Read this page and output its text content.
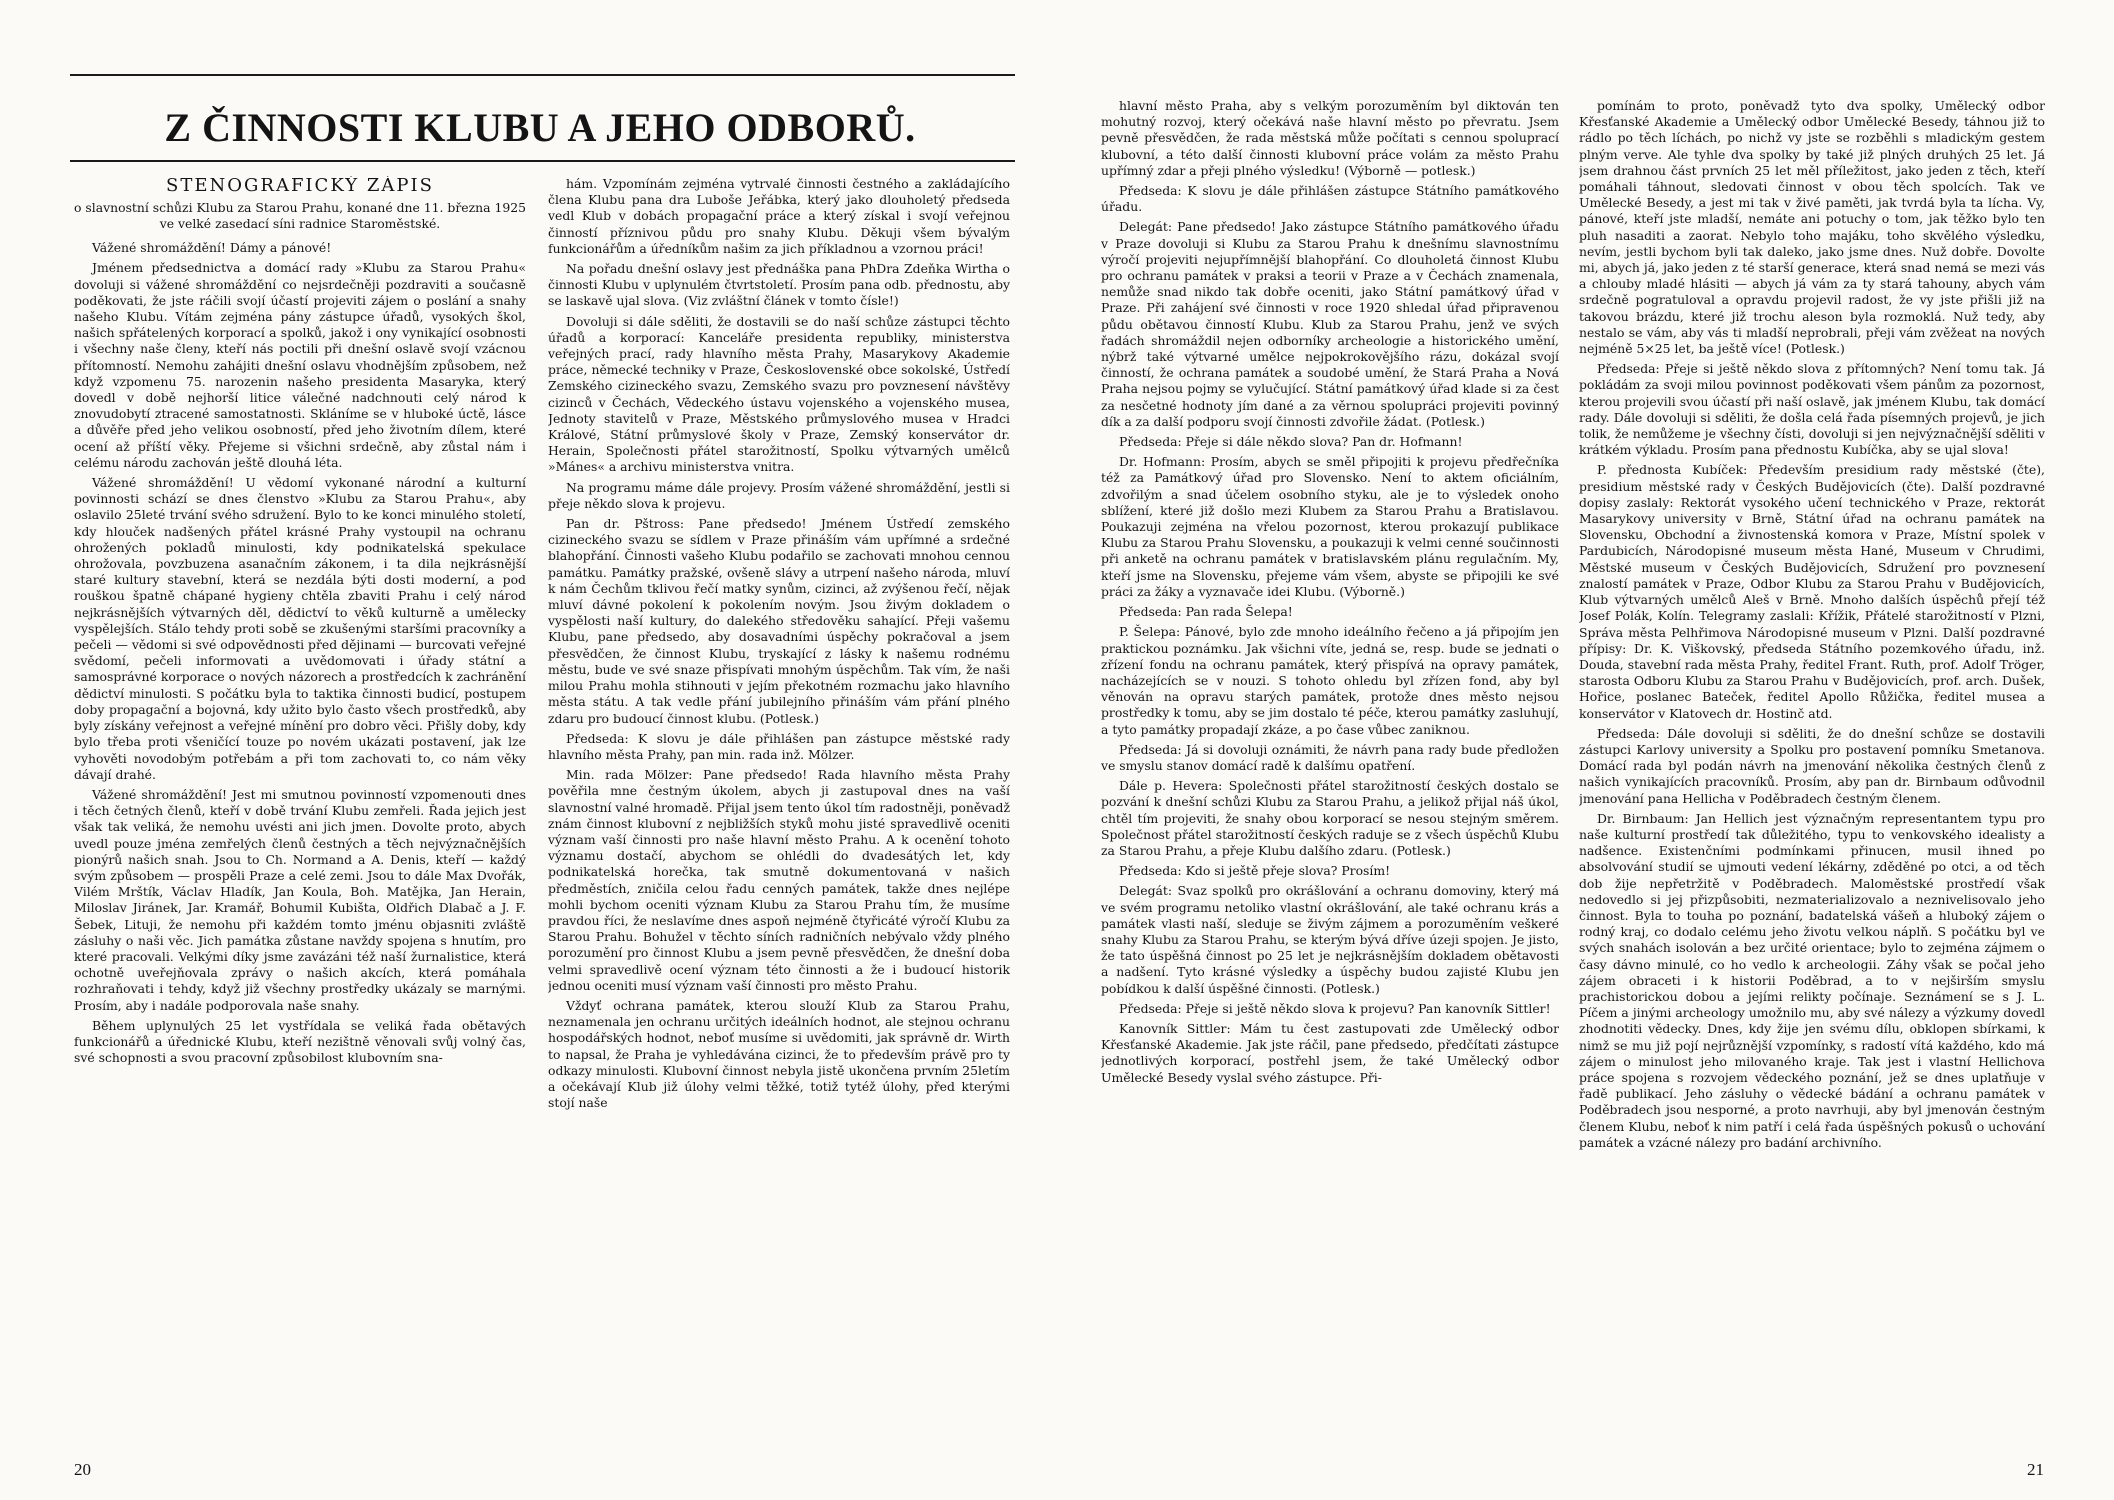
Z ČINNOSTI KLUBU A JEHO ODBORŮ.
STENOGRAFICKÝ ZÁPIS
o slavnostní schůzi Klubu za Starou Prahu, konané dne 11. března 1925 ve velké zasedací síni radnice Staroměstské.

Vážené shromáždění! Dámy a pánové!

Jménem předsednictva a domácí rady »Klubu za Starou Prahu« dovoluji si vážené shromáždění co nejsrdečněji pozdraviti a současně poděkovati, že jste ráčili svojí účastí projeviti zájem o poslání a snahy našeho Klubu. Vítám zejména pány zástupce úřadů, vysokých škol, našich spřátelených korporací a spolků, jakož i ony vynikající osobnosti i všechny naše členy, kteří nás poctili při dnešní oslavě svojí vzácnou přítomností. Nemohu zahájiti dnešní oslavu vhodnějším způsobem, než když vzpomenu 75. narozenin našeho presidenta Masaryka, který dovedl v době nejhorší litice válečné nadchnouti celý národ k znovudobytí ztracené samostatnosti. Skláníme se v hluboké úctě, lásce a důvěře před jeho velikou osobností, před jeho životním dílem, které ocení až příští věky. Přejeme si všichni srdečně, aby zůstal nám i celému národu zachován ještě dlouhá léta.

Vážené shromáždění! U vědomí vykonané národní a kulturní povinnosti schází se dnes členstvo »Klubu za Starou Prahu«, aby oslavilo 25leté trvání svého sdružení. Bylo to ke konci minulého století, kdy hlouček nadšených přátel krásné Prahy vystoupil na ochranu ohrožených pokladů minulosti, kdy podnikatelská spekulace ohrožovala, povzbuzena asanačním zákonem, i ta dila nejkrásnější staré kultury stavební, která se nezdála býti dosti moderní, a pod rouškou špatně chápané hygieny chtěla zbaviti Prahu i celý národ nejkrásnějších výtvarných děl, dědictví to věků kulturně a umělecky vyspělejších. Stálo tehdy proti sobě se zkušenými staršími pracovníky a pečeli — vědomi si své odpovědnosti před dějinami — burcovati veřejné svědomí, pečeli informovati a uvědomovati i úřady státní a samosprávné korporace o nových názorech a prostředcích k zachránění dědictví minulosti. S počátku byla to taktika činnosti budicí, postupem doby propagační a bojovná, kdy užito bylo často všech prostředků, aby byly získány veřejnost a veřejné mínění pro dobro věci. Přišly doby, kdy bylo třeba proti všeničící touze po novém ukázati postavení, jak lze vyhověti novodobým potřebám a při tom zachovati to, co nám věky dávají drahé.

Vážené shromáždění! Jest mi smutnou povinností vzpomenouti dnes i těch četných členů, kteří v době trvání Klubu zemřeli. Řada jejich jest však tak veliká, že nemohu uvésti ani jich jmen. Dovolte proto, abych uvedl pouze jména zemřelých členů čestných a těch nejvýznačnějších pionýrů našich snah. Jsou to Ch. Normand a A. Denis, kteří — každý svým způsobem — prospěli Praze a celé zemi. Jsou to dále Max Dvořák, Vilém Mrštík, Václav Hladík, Jan Koula, Boh. Matějka, Jan Herain, Miloslav Jiránek, Jar. Kramář, Bohumil Kubišta, Oldřich Dlabač a J. F. Šebek, Lituji, že nemohu při každém tomto jménu objasniti zvláště zásluhy o naši věc. Jich památka zůstane navždy spojena s hnutím, pro které pracovali. Velkými díky jsme zavázáni též naší žurnalistice, která ochotně uveřejňovala zprávy o našich akcích, která pomáhala rozhraňovati i tehdy, když již všechny prostředky ukázaly se marnými. Prosím, aby i nadále podporovala naše snahy.

Během uplynulých 25 let vystřídala se veliká řada obětavých funkcionářů a úřednické Klubu, kteří nezištně věnovali svůj volný čas, své schopnosti a svou pracovní způsobilost klubovním sna-

hám. Vzpomínám zejména vytrvalé činnosti čestného a zakládajícího člena Klubu pana dra Luboše Jeřábka, který jako dlouholetý předseda vedl Klub v dobách propagační práce a který získal i svojí veřejnou činností příznivou půdu pro snahy Klubu. Děkuji všem bývalým funkcionářům a úředníkům našim za jich příkladnou a vzornou práci!

Na pořadu dnešní oslavy jest přednáška pana PhDra Zdeňka Wirtha o činnosti Klubu v uplynulém čtvrtstoletí. Prosím pana odb. přednostu, aby se laskavě ujal slova. (Viz zvláštní článek v tomto čísle!)

Dovoluji si dále sděliti, že dostavili se do naší schůze zástupci těchto úřadů a korporací: Kanceláře presidenta republiky, ministerstva veřejných prací, rady hlavního města Prahy, Masarykovy Akademie práce, německé techniky v Praze, Československé obce sokolské, Ústředí Zemského cizineckého svazu, Zemského svazu pro povznesení návštěvy cizinců v Čechách, Vědeckého ústavu vojenského a vojenského musea, Jednoty stavitelů v Praze, Městského průmyslového musea v Hradci Králové, Státní průmyslové školy v Praze, Zemský konservátor dr. Herain, Společnosti přátel starožitností, Spolku výtvarných umělců »Mánes« a archivu ministerstva vnitra.

Na programu máme dále projevy. Prosím vážené shromáždění, jestli si přeje někdo slova k projevu.

Pan dr. Pštross: Pane předsedo! Jménem Ústředí zemského cizineckého svazu se sídlem v Praze přináším vám upřímné a srdečné blahopřání. Činnosti vašeho Klubu podařilo se zachovati mnohou cennou památku. Památky pražské, ovšeně slávy a utrpení našeho národa, mluví k nám Čechům tklivou řečí matky synům, cizinci, až zvýšenou řečí, nějak mluví dávné pokolení k pokolením novým. Jsou živým dokladem o vyspělosti naší kultury, do dalekého středověku sahající. Přeji vašemu Klubu, pane předsedo, aby dosavadními úspěchy pokračoval a jsem přesvědčen, že činnost Klubu, tryskající z lásky k našemu rodnému městu, bude ve své snaze přispívati mnohým úspěchům. Tak vím, že naši milou Prahu mohla stihnouti v jejím překotném rozmachu jako hlavního města státu. A tak vedle přání jubilejního přináším vám přání plného zdaru pro budoucí činnost klubu. (Potlesk.)

Předseda: K slovu je dále přihlášen pan zástupce městské rady hlavního města Prahy, pan min. rada inž. Mölzer.

Min. rada Mölzer: Pane předsedo! Rada hlavního města Prahy pověřila mne čestným úkolem, abych ji zastupoval dnes na vaší slavnostní valné hromadě. Přijal jsem tento úkol tím radostněji, poněvadž znám činnost klubovní z nejbližších styků mohu jisté spravedlivě oceniti význam vaší činnosti pro naše hlavní město Prahu. A k ocenění tohoto významu dostačí, abychom se ohlédli do dvadesátých let, kdy podnikatelská horečka, tak smutně dokumentovaná v našich předměstích, zničila celou řadu cenných památek, takže dnes nejlépe mohli bychom oceniti význam Klubu za Starou Prahu tím, že musíme pravdou říci, že neslavíme dnes aspoň nejméně čtyřicáté výročí Klubu za Starou Prahu. Bohužel v těchto síních radničních nebývalo vždy plného porozumění pro činnost Klubu a jsem pevně přesvědčen, že dnešní doba velmi spravedlivě ocení význam této činnosti a že i budoucí historik jednou oceniti musí význam vaší činnosti pro město Prahu.

Vždyť ochrana památek, kterou slouží Klub za Starou Prahu, neznamenala jen ochranu určitých ideálních hodnot, ale stejnou ochranu hospodářských hodnot, neboť musíme si uvědomiti, jak správně dr. Wirth to napsal, že Praha je vyhledávána cizinci, že to především právě pro ty odkazy minulosti. Klubovní činnost nebyla jistě ukončena prvním 25letím a očekávají Klub již úlohy velmi těžké, totiž tytéž úlohy, před kterými stojí naše

20

hlavní město Praha, aby s velkým porozuměním byl diktován ten mohutný rozvoj, který očekává naše hlavní město po převratu. Jsem pevně přesvědčen, že rada městská může počítati s cennou spoluprací klubovní, a této další činnosti klubovní práce volám za město Prahu upřímný zdar a přeji plného výsledku! (Výborně — potlesk.)

Předseda: K slovu je dále přihlášen zástupce Státního památkového úřadu.

Delegát: Pane předsedo! Jako zástupce Státního památkového úřadu v Praze dovoluji si Klubu za Starou Prahu k dnešnímu slavnostnímu výročí projeviti nejupřímnější blahopřání. Co dlouholetá činnost Klubu pro ochranu památek v praksi a teorii v Praze a v Čechách znamenala, nemůže snad nikdo tak dobře oceniti, jako Státní památkový úřad v Praze. Při zahájení své činnosti v roce 1920 shledal úřad připravenou půdu obětavou činností Klubu. Klub za Starou Prahu, jenž ve svých řadách shromáždil nejen odborníky archeologie a historického umění, nýbrž také výtvarné umělce nejpokrokovějšího rázu, dokázal svojí činností, že ochrana památek a soudobé umění, že Stará Praha a Nová Praha nejsou pojmy se vylučující. Státní památkový úřad klade si za čest za nesčetné hodnoty jím dané a za věrnou spolupráci projeviti povinný dík a za další podporu svojí činnosti zdvořile žádat. (Potlesk.)

Předseda: Přeje si dále někdo slova? Pan dr. Hofmann!

Dr. Hofmann: Prosím, abych se směl připojiti k projevu předřečníka též za Památkový úřad pro Slovensko. Není to aktem oficiálním, zdvořilým a snad účelem osobního styku, ale je to výsledek onoho sblížení, které již došlo mezi Klubem za Starou Prahu a Bratislavou. Poukazuji zejména na vřelou pozornost, kterou prokazují publikace Klubu za Starou Prahu Slovensku, a poukazuji k velmi cenné součinnosti při anketě na ochranu památek v bratislavském plánu regulačním. My, kteří jsme na Slovensku, přejeme vám všem, abyste se připojili ke své práci za žáky a vyznavače idei Klubu. (Výborně.)

Předseda: Pan rada Šelepa!

P. Šelepa: Pánové, bylo zde mnoho ideálního řečeno a já připojím jen praktickou poznámku. Jak všichni víte, jedná se, resp. bude se jednati o zřízení fondu na ochranu památek, který přispívá na opravy památek, nacházejících se v nouzi. S tohoto ohledu byl zřízen fond, aby byl věnován na opravu starých památek, protože dnes město nejsou prostředky k tomu, aby se jim dostalo té péče, kterou památky zasluhují, a tyto památky propadají zkáze, a po čase vůbec zaniknou.

Předseda: Já si dovoluji oznámiti, že návrh pana rady bude předložen ve smyslu stanov domácí radě k dalšímu opatření.

Dále p. Hevera: Společnosti přátel starožitností českých dostalo se pozvání k dnešní schůzi Klubu za Starou Prahu, a jelikož přijal náš úkol, chtěl tím projeviti, že snahy obou korporací se nesou stejným směrem. Společnost přátel starožitností českých raduje se z všech úspěchů Klubu za Starou Prahu, a přeje Klubu dalšího zdaru. (Potlesk.)

Předseda: Kdo si ještě přeje slova? Prosím!

Delegát: Svaz spolků pro okrášlování a ochranu domoviny, který má ve svém programu netoliko vlastní okrášlování, ale také ochranu krás a památek vlasti naší, sleduje se živým zájmem a porozuměním veškeré snahy Klubu za Starou Prahu, se kterým bývá dříve úzeji spojen. Je jisto, že tato úspěšná činnost po 25 let je nejkrásnějším dokladem obětavosti a nadšení. Tyto krásné výsledky a úspěchy budou zajisté Klubu jen pobídkou k další úspěšné činnosti. (Potlesk.)

Předseda: Přeje si ještě někdo slova k projevu? Pan kanovník Sittler!

Kanovník Sittler: Mám tu čest zastupovati zde Umělecký odbor Křesťanské Akademie. Jak jste ráčil, pane předsedo, předčítati zástupce jednotlivých korporací, postřehl jsem, že také Umělecký odbor Umělecké Besedy vyslal svého zástupce. Při-

pomínám to proto, poněvadž tyto dva spolky, Umělecký odbor Křesťanské Akademie a Umělecký odbor Umělecké Besedy, táhnou již to rádlo po těch líchách, po nichž vy jste se rozběhli s mladickým gestem plným verve. Ale tyhle dva spolky by také již plných druhých 25 let. Já jsem drahnou část prvních 25 let měl příležitost, jako jeden z těch, kteří pomáhali táhnout, sledovati činnost v obou těch spolcích. Tak ve Umělecké Besedy, a jest mi tak v živé paměti, jak tvrdá byla ta lícha. Vy, pánové, kteří jste mladší, nemáte ani potuchy o tom, jak těžko bylo ten pluh nasaditi a zaorat. Nebylo toho majáku, toho skvělého výsledku, nevím, jestli bychom byli tak daleko, jako jsme dnes. Nuž dobře. Dovolte mi, abych já, jako jeden z té starší generace, která snad nemá se mezi vás a chlouby mladé hlásiti — abych já vám za ty stará tahouny, abych vám srdečně pogratuloval a opravdu projevil radost, že vy jste přišli již na takovou brázdu, které již trochu aleson byla rozmoklá. Nuž tedy, aby nestalo se vám, aby vás ti mladší neprobrali, přeji vám zvěžeat na nových nejméně 5×25 let, ba ještě více! (Potlesk.)

Předseda: Přeje si ještě někdo slova z přítomných? Není tomu tak. Já pokládám za svoji milou povinnost poděkovati všem pánům za pozornost, kterou projevili svou účastí při naší oslavě, jak jménem Klubu, tak domácí rady. Dále dovoluji si sděliti, že došla celá řada písemných projevů, je jich tolik, že nemůžeme je všechny čísti, dovoluji si jen nejvýznačnější sděliti v krátkém výkladu. Prosím pana přednostu Kubíčka, aby se ujal slova!

P. přednosta Kubíček: Především presidium rady městské (čte), presidium městské rady v Českých Budějovicích (čte). Další pozdravné dopisy zaslaly: Rektorát vysokého učení technického v Praze, rektorát Masarykovy university v Brně, Státní úřad na ochranu památek na Slovensku, Obchodní a živnostenská komora v Praze, Místní spolek v Pardubicích, Národopisné museum města Hané, Museum v Chrudimi, Městské museum v Českých Budějovicích, Sdružení pro povznesení znalostí památek v Praze, Odbor Klubu za Starou Prahu v Budějovicích, Klub výtvarných umělců Aleš v Brně. Mnoho dalších úspěchů přejí též Josef Polák, Kolín. Telegramy zaslali: Křížik, Přátelé starožitností v Plzni, Správa města Pelhřimova Národopisné museum v Plzni. Další pozdravné přípisy: Dr. K. Viškovský, předseda Státního pozemkového úřadu, inž. Douda, stavební rada města Prahy, ředitel Frant. Ruth, prof. Adolf Tröger, starosta Odboru Klubu za Starou Prahu v Budějovicích, prof. arch. Dušek, Hořice, poslanec Bateček, ředitel Apollo Růžička, ředitel musea a konservátor v Klatovech dr. Hostinč atd.

Předseda: Dále dovoluji si sděliti, že do dnešní schůze se dostavili zástupci Karlovy university a Spolku pro postavení pomníku Smetanova. Domácí rada byl podán návrh na jmenování několika čestných členů z našich vynikajících pracovníků. Prosím, aby pan dr. Birnbaum odůvodnil jmenování pana Hellicha v Poděbradech čestným členem.

Dr. Birnbaum: Jan Hellich jest význačným representantem typu pro naše kulturní prostředí tak důležitého, typu to venkovského idealisty a nadšence. Existenčními podmínkami přinucen, musil ihned po absolvování studií se ujmouti vedení lékárny, zděděné po otci, a od těch dob žije nepřetržitě v Poděbradech. Maloměstské prostředí však nedovedlo si jej přizpůsobiti, nezmaterializovalo a neznivelisovalo jeho činnost. Byla to touha po poznání, badatelská vášeň a hluboký zájem o rodný kraj, co dodalo celému jeho životu velkou náplň. S počátku byl ve svých snahách isolován a bez určité orientace; bylo to zejména zájmem o časy dávno minulé, co ho vedlo k archeologii. Záhy však se počal jeho zájem obraceti i k historii Poděbrad, a to v nejširším smyslu prachistorickou dobou a jejími relikty počínaje. Seznámení se s J. L. Píčem a jinými archeology umožnilo mu, aby své nálezy a výzkumy dovedl zhodnotiti vědecky. Dnes, kdy žije jen svému dílu, obklopen sbírkami, k nimž se mu již pojí nejrůznější vzpomínky, s radostí vítá každého, kdo má zájem o minulost jeho milovaného kraje. Tak jest i vlastní Hellichova práce spojena s rozvojem vědeckého poznání, jež se dnes uplatňuje v řadě publikací. Jeho zásluhy o vědecké bádání a ochranu památek v Poděbradech jsou nesporné, a proto navrhuji, aby byl jmenován čestným členem Klubu, neboť k nim patří i celá řada úspěšných pokusů o uchování památek a vzácné nálezy pro badání archivního.

21
